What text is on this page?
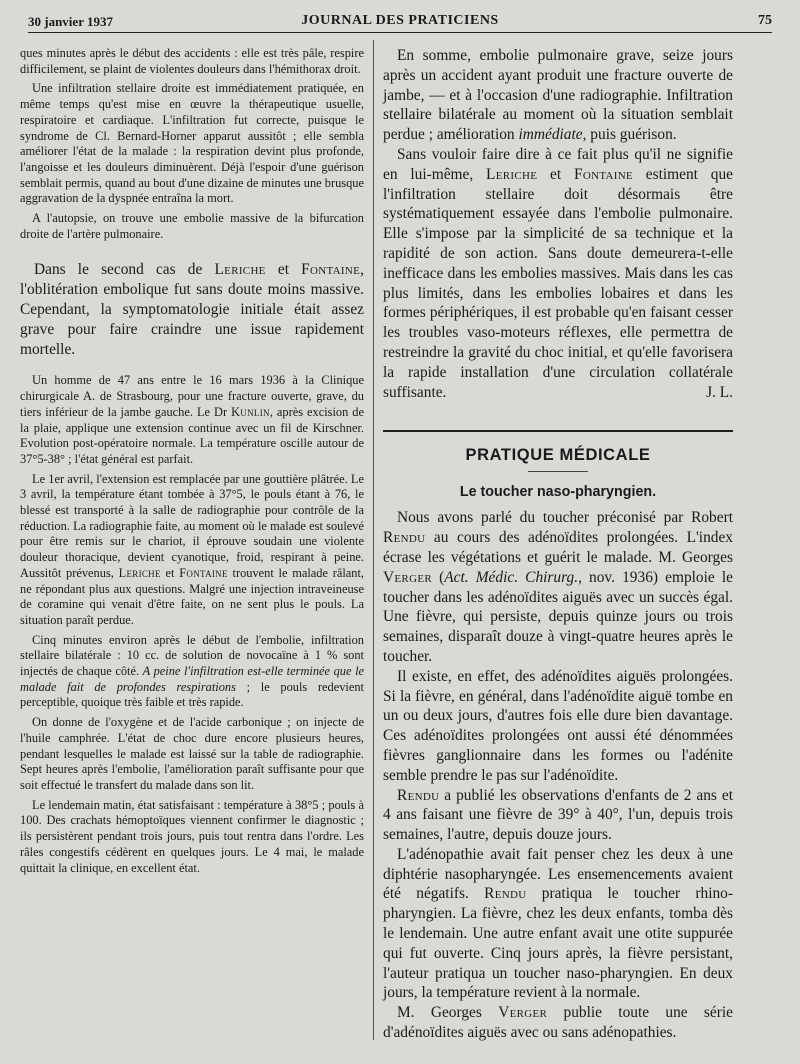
30 janvier 1937	JOURNAL DES PRATICIENS	75

ques minutes après le début des accidents : elle est très pâle, respire difficilement, se plaint de violentes douleurs dans l'hémithorax droit.

Une infiltration stellaire droite est immédiatement pratiquée, en même temps qu'est mise en œuvre la thérapeutique usuelle, respiratoire et cardiaque. L'infiltration fut correcte, puisque le syndrome de Cl. Bernard-Horner apparut aussitôt ; elle sembla améliorer l'état de la malade : la respiration devint plus profonde, l'angoisse et les douleurs diminuèrent. Déjà l'espoir d'une guérison semblait permis, quand au bout d'une dizaine de minutes une brusque aggravation de la dyspnée entraîna la mort.

A l'autopsie, on trouve une embolie massive de la bifurcation droite de l'artère pulmonaire.

Dans le second cas de Leriche et Fontaine, l'oblitération embolique fut sans doute moins massive. Cependant, la symptomatologie initiale était assez grave pour faire craindre une issue rapidement mortelle.

Un homme de 47 ans entre le 16 mars 1936 à la Clinique chirurgicale A. de Strasbourg, pour une fracture ouverte, grave, du tiers inférieur de la jambe gauche. Le Dr Kunlin, après excision de la plaie, applique une extension continue avec un fil de Kirschner. Evolution post-opératoire normale. La température oscille autour de 37°5-38° ; l'état général est parfait.

Le 1er avril, l'extension est remplacée par une gouttière plâtrée. Le 3 avril, la température étant tombée à 37°5, le pouls étant à 76, le blessé est transporté à la salle de radiographie pour contrôle de la réduction. La radiographie faite, au moment où le malade est soulevé pour être remis sur le chariot, il éprouve soudain une violente douleur thoracique, devient cyanotique, froid, respirant à peine. Aussitôt prévenus, Leriche et Fontaine trouvent le malade râlant, ne répondant plus aux questions. Malgré une injection intraveineuse de coramine qui venait d'être faite, on ne sent plus le pouls. La situation paraît perdue.

Cinq minutes environ après le début de l'embolie, infiltration stellaire bilatérale : 10 cc. de solution de novocaïne à 1 % sont injectés de chaque côté. A peine l'infiltration est-elle terminée que le malade fait de profondes respirations ; le pouls redevient perceptible, quoique très faible et très rapide.

On donne de l'oxygène et de l'acide carbonique ; on injecte de l'huile camphrée. L'état de choc dure encore plusieurs heures, pendant lesquelles le malade est laissé sur la table de radiographie. Sept heures après l'embolie, l'amélioration paraît suffisante pour que soit effectué le transfert du malade dans son lit.

Le lendemain matin, état satisfaisant : température à 38°5 ; pouls à 100. Des crachats hémoptoïques viennent confirmer le diagnostic ; ils persistèrent pendant trois jours, puis tout rentra dans l'ordre. Les râles congestifs cédèrent en quelques jours. Le 4 mai, le malade quittait la clinique, en excellent état.

En somme, embolie pulmonaire grave, seize jours après un accident ayant produit une fracture ouverte de jambe, — et à l'occasion d'une radiographie. Infiltration stellaire bilatérale au moment où la situation semblait perdue ; amélioration immédiate, puis guérison.

Sans vouloir faire dire à ce fait plus qu'il ne signifie en lui-même, Leriche et Fontaine estiment que l'infiltration stellaire doit désormais être systématiquement essayée dans l'embolie pulmonaire. Elle s'impose par la simplicité de sa technique et la rapidité de son action. Sans doute demeurera-t-elle inefficace dans les embolies massives. Mais dans les cas plus limités, dans les embolies lobaires et dans les formes périphériques, il est probable qu'en faisant cesser les troubles vaso-moteurs réflexes, elle permettra de restreindre la gravité du choc initial, et qu'elle favorisera la rapide installation d'une circulation collatérale suffisante.	J. L.

PRATIQUE MÉDICALE
Le toucher naso-pharyngien.

Nous avons parlé du toucher préconisé par Robert Rendu au cours des adénoïdites prolongées. L'index écrase les végétations et guérit le malade. M. Georges Verger (Act. Médic. Chirurg., nov. 1936) emploie le toucher dans les adénoïdites aiguës avec un succès égal. Une fièvre, qui persiste, depuis quinze jours ou trois semaines, disparaît douze à vingt-quatre heures après le toucher.

Il existe, en effet, des adénoïdites aiguës prolongées. Si la fièvre, en général, dans l'adénoïdite aiguë tombe en un ou deux jours, d'autres fois elle dure bien davantage. Ces adénoïdites prolongées ont aussi été dénommées fièvres ganglionnaire dans les formes ou l'adénite semble prendre le pas sur l'adénoïdite.

Rendu a publié les observations d'enfants de 2 ans et 4 ans faisant une fièvre de 39° à 40°, l'un, depuis trois semaines, l'autre, depuis douze jours.

L'adénopathie avait fait penser chez les deux à une diphtérie nasopharyngée. Les ensemencements avaient été négatifs. Rendu pratiqua le toucher rhino-pharyngien. La fièvre, chez les deux enfants, tomba dès le lendemain. Une autre enfant avait une otite suppurée qui fut ouverte. Cinq jours après, la fièvre persistant, l'auteur pratiqua un toucher naso-pharyngien. En deux jours, la température revient à la normale.

M. Georges Verger publie toute une série d'adénoïdites aiguës avec ou sans adénopathies.
